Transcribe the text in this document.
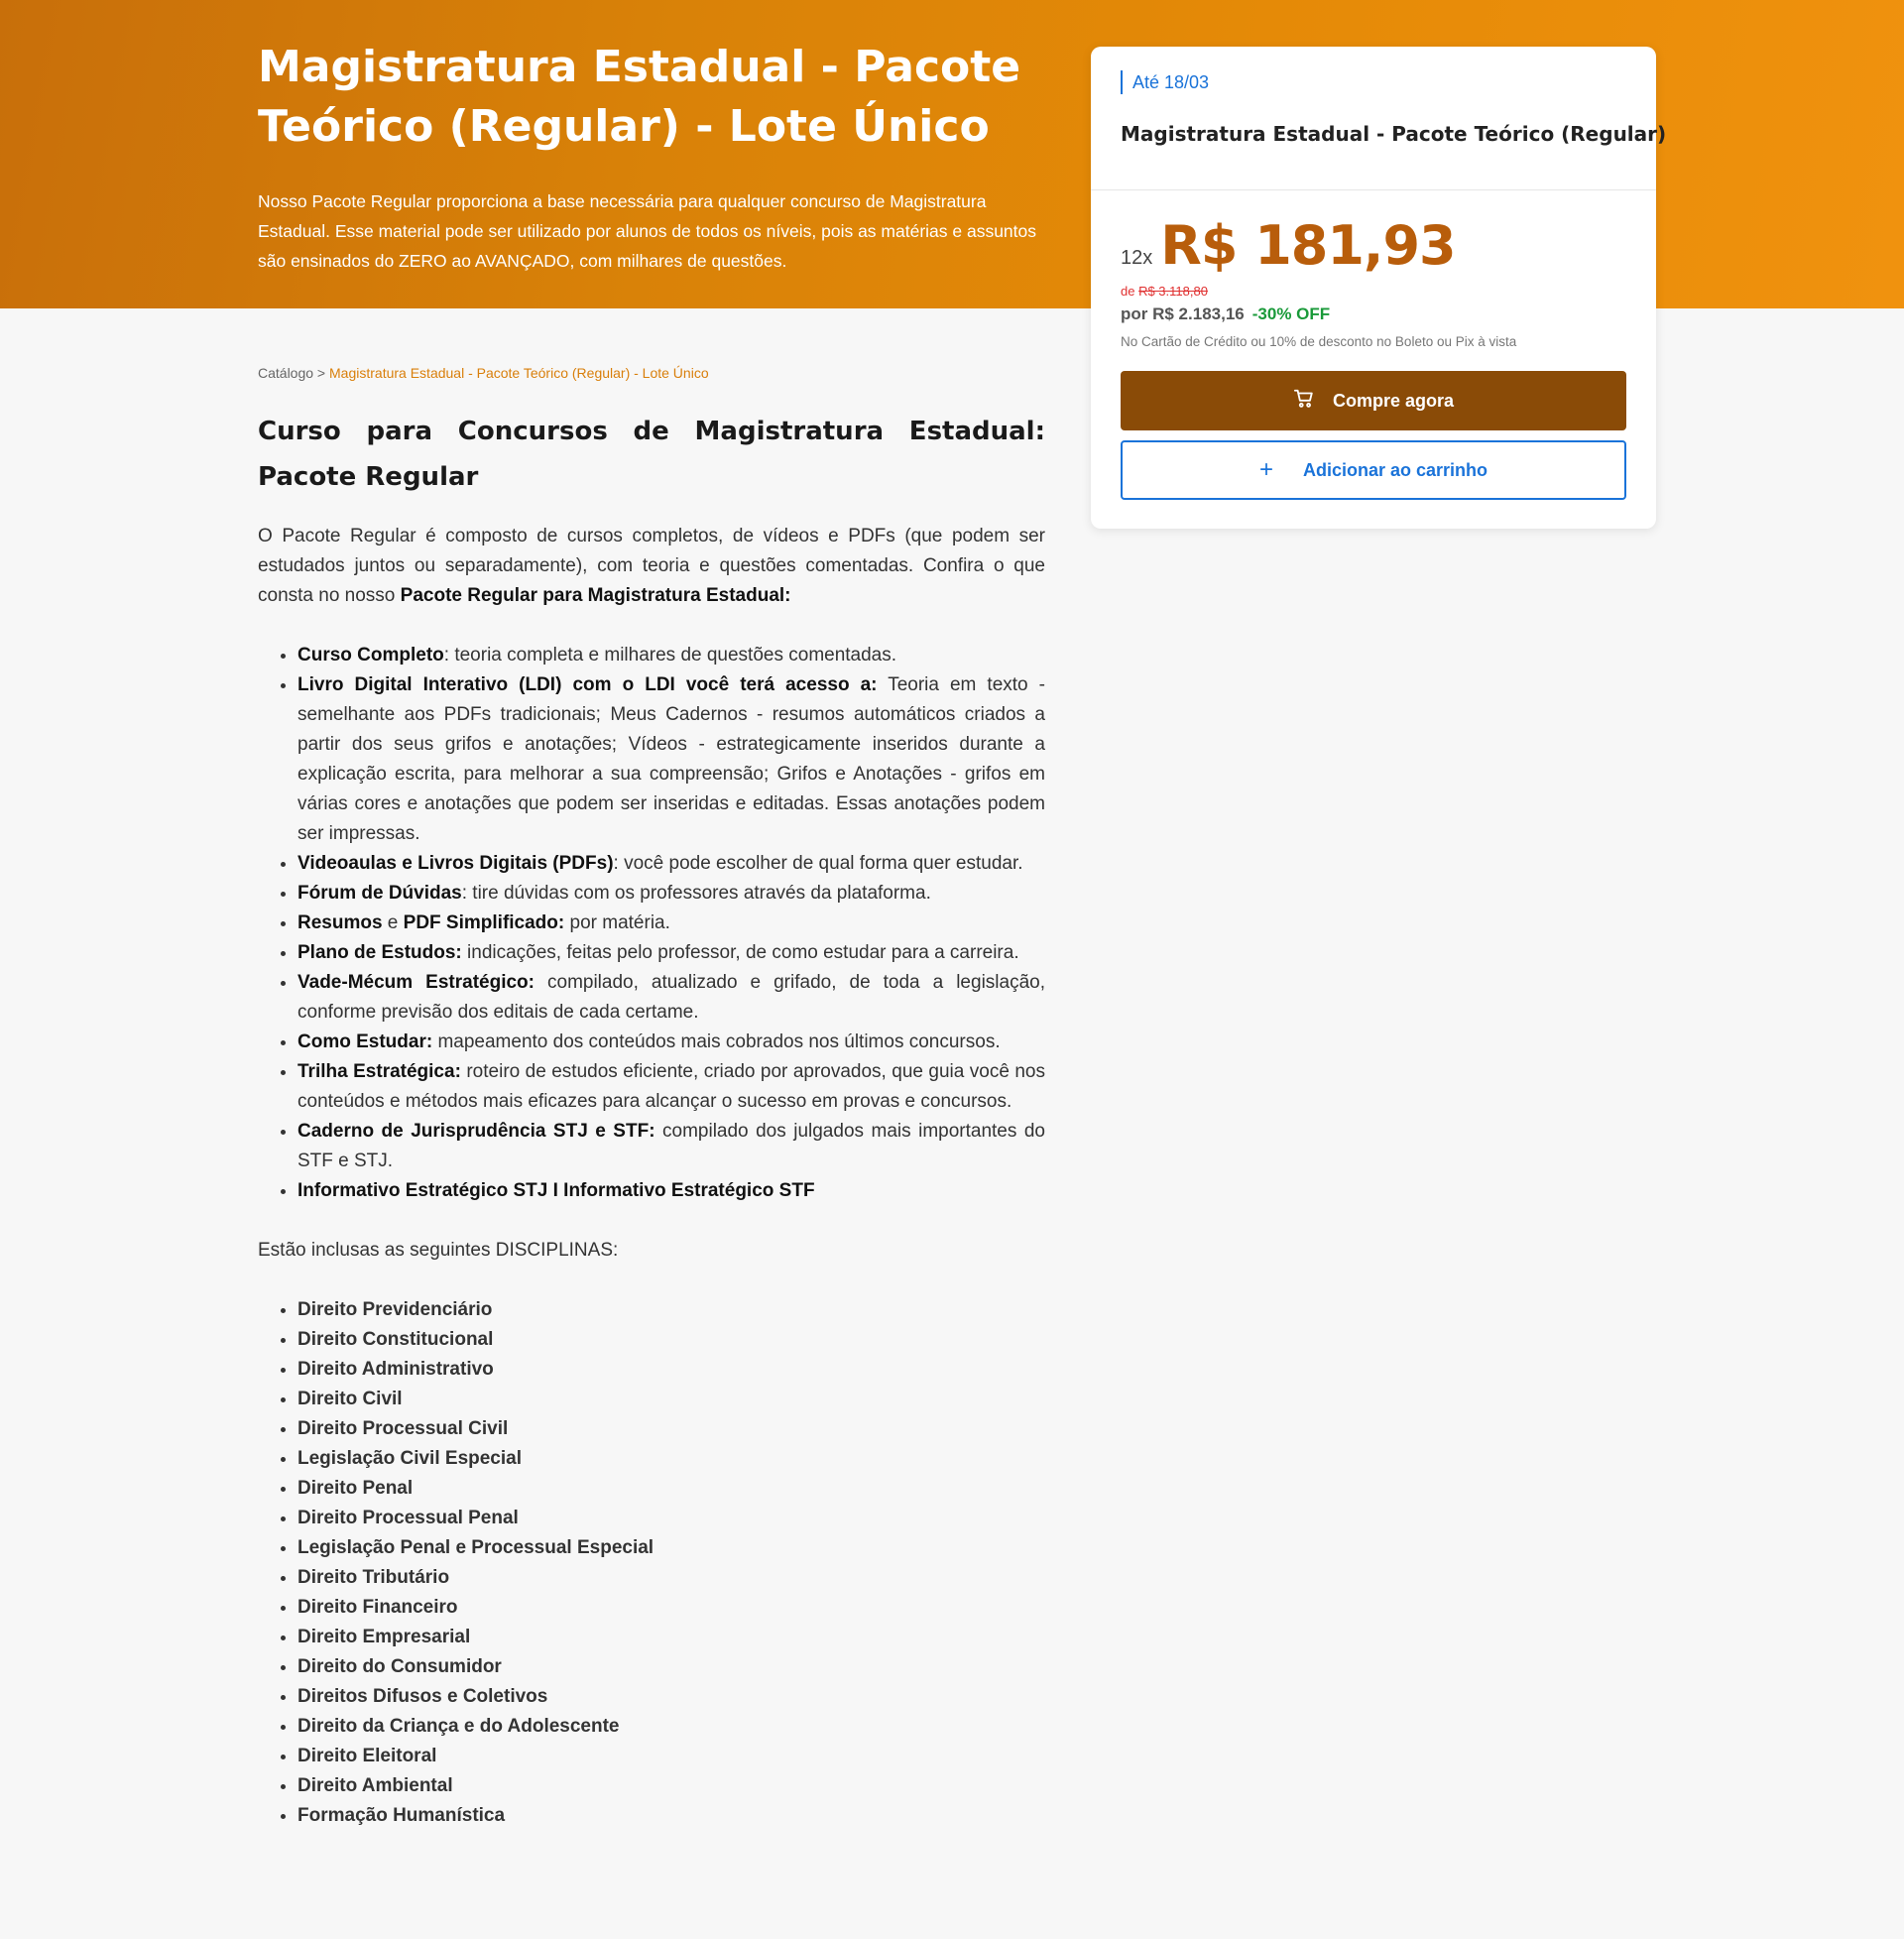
Magistratura Estadual - Pacote Teórico (Regular) - Lote Único

Nosso Pacote Regular proporciona a base necessária para qualquer concurso de Magistratura Estadual. Esse material pode ser utilizado por alunos de todos os níveis, pois as matérias e assuntos são ensinados do ZERO ao AVANÇADO, com milhares de questões.

Catálogo > Magistratura Estadual - Pacote Teórico (Regular) - Lote Único
Curso para Concursos de Magistratura Estadual: Pacote Regular

O Pacote Regular é composto de cursos completos, de vídeos e PDFs (que podem ser estudados juntos ou separadamente), com teoria e questões comentadas. Confira o que consta no nosso Pacote Regular para Magistratura Estadual:

• Curso Completo: teoria completa e milhares de questões comentadas.
• Livro Digital Interativo (LDI) com o LDI você terá acesso a: Teoria em texto - semelhante aos PDFs tradicionais; Meus Cadernos - resumos automáticos criados a partir dos seus grifos e anotações; Vídeos - estrategicamente inseridos durante a explicação escrita, para melhorar a sua compreensão; Grifos e Anotações - grifos em várias cores e anotações que podem ser inseridas e editadas. Essas anotações podem ser impressas.
• Videoaulas e Livros Digitais (PDFs): você pode escolher de qual forma quer estudar.
• Fórum de Dúvidas: tire dúvidas com os professores através da plataforma.
• Resumos e PDF Simplificado: por matéria.
• Plano de Estudos: indicações, feitas pelo professor, de como estudar para a carreira.
• Vade-Mécum Estratégico: compilado, atualizado e grifado, de toda a legislação, conforme previsão dos editais de cada certame.
• Como Estudar: mapeamento dos conteúdos mais cobrados nos últimos concursos.
• Trilha Estratégica: roteiro de estudos eficiente, criado por aprovados, que guia você nos conteúdos e métodos mais eficazes para alcançar o sucesso em provas e concursos.
• Caderno de Jurisprudência STJ e STF: compilado dos julgados mais importantes do STF e STJ.
• Informativo Estratégico STJ I Informativo Estratégico STF

Estão inclusas as seguintes DISCIPLINAS:

• Direito Previdenciário
• Direito Constitucional
• Direito Administrativo
• Direito Civil
• Direito Processual Civil
• Legislação Civil Especial
• Direito Penal
• Direito Processual Penal
• Legislação Penal e Processual Especial
• Direito Tributário
• Direito Financeiro
• Direito Empresarial
• Direito do Consumidor
• Direitos Difusos e Coletivos
• Direito da Criança e do Adolescente
• Direito Eleitoral
• Direito Ambiental
• Formação Humanística
Até 18/03
Magistratura Estadual - Pacote Teórico (Regular)
12x R$ 181,93
de R$ 3.118,80
por R$ 2.183,16 -30% OFF
No Cartão de Crédito ou 10% de desconto no Boleto ou Pix à vista
Compre agora
+ Adicionar ao carrinho
